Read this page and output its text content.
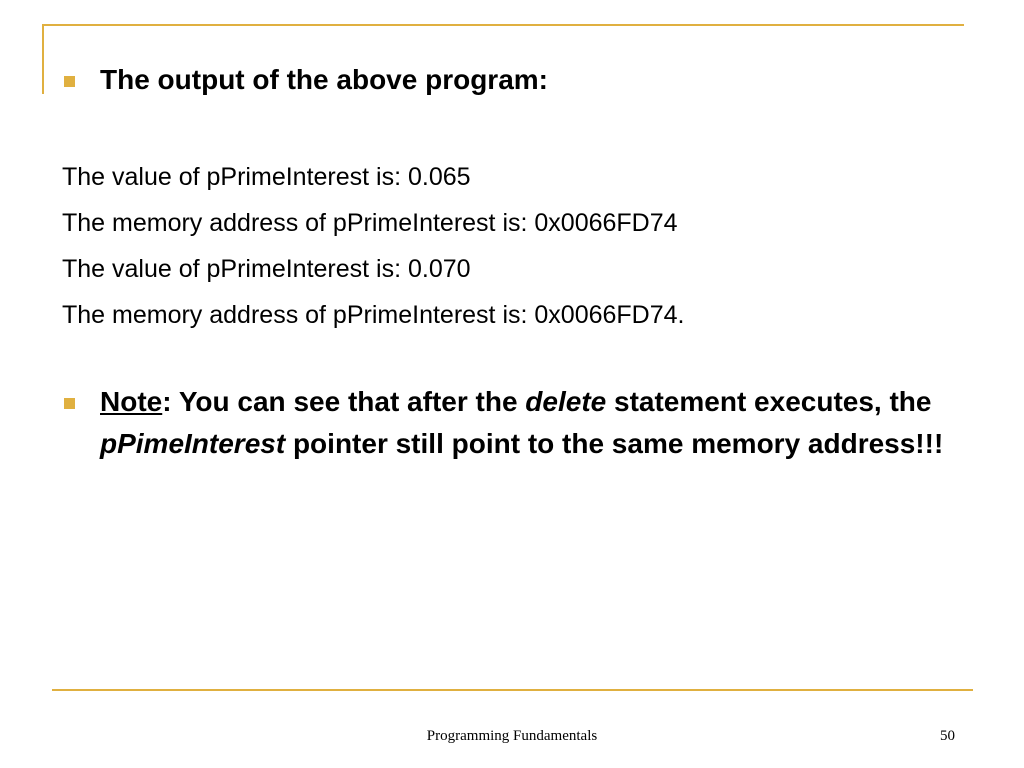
The output of the above program:
The value of pPrimeInterest is: 0.065
The memory address of pPrimeInterest is: 0x0066FD74
The value of pPrimeInterest is: 0.070
The memory address of pPrimeInterest is: 0x0066FD74.
Note: You can see that after the delete statement executes, the pPimeInterest pointer still point to the same memory address!!!
Programming Fundamentals	50
